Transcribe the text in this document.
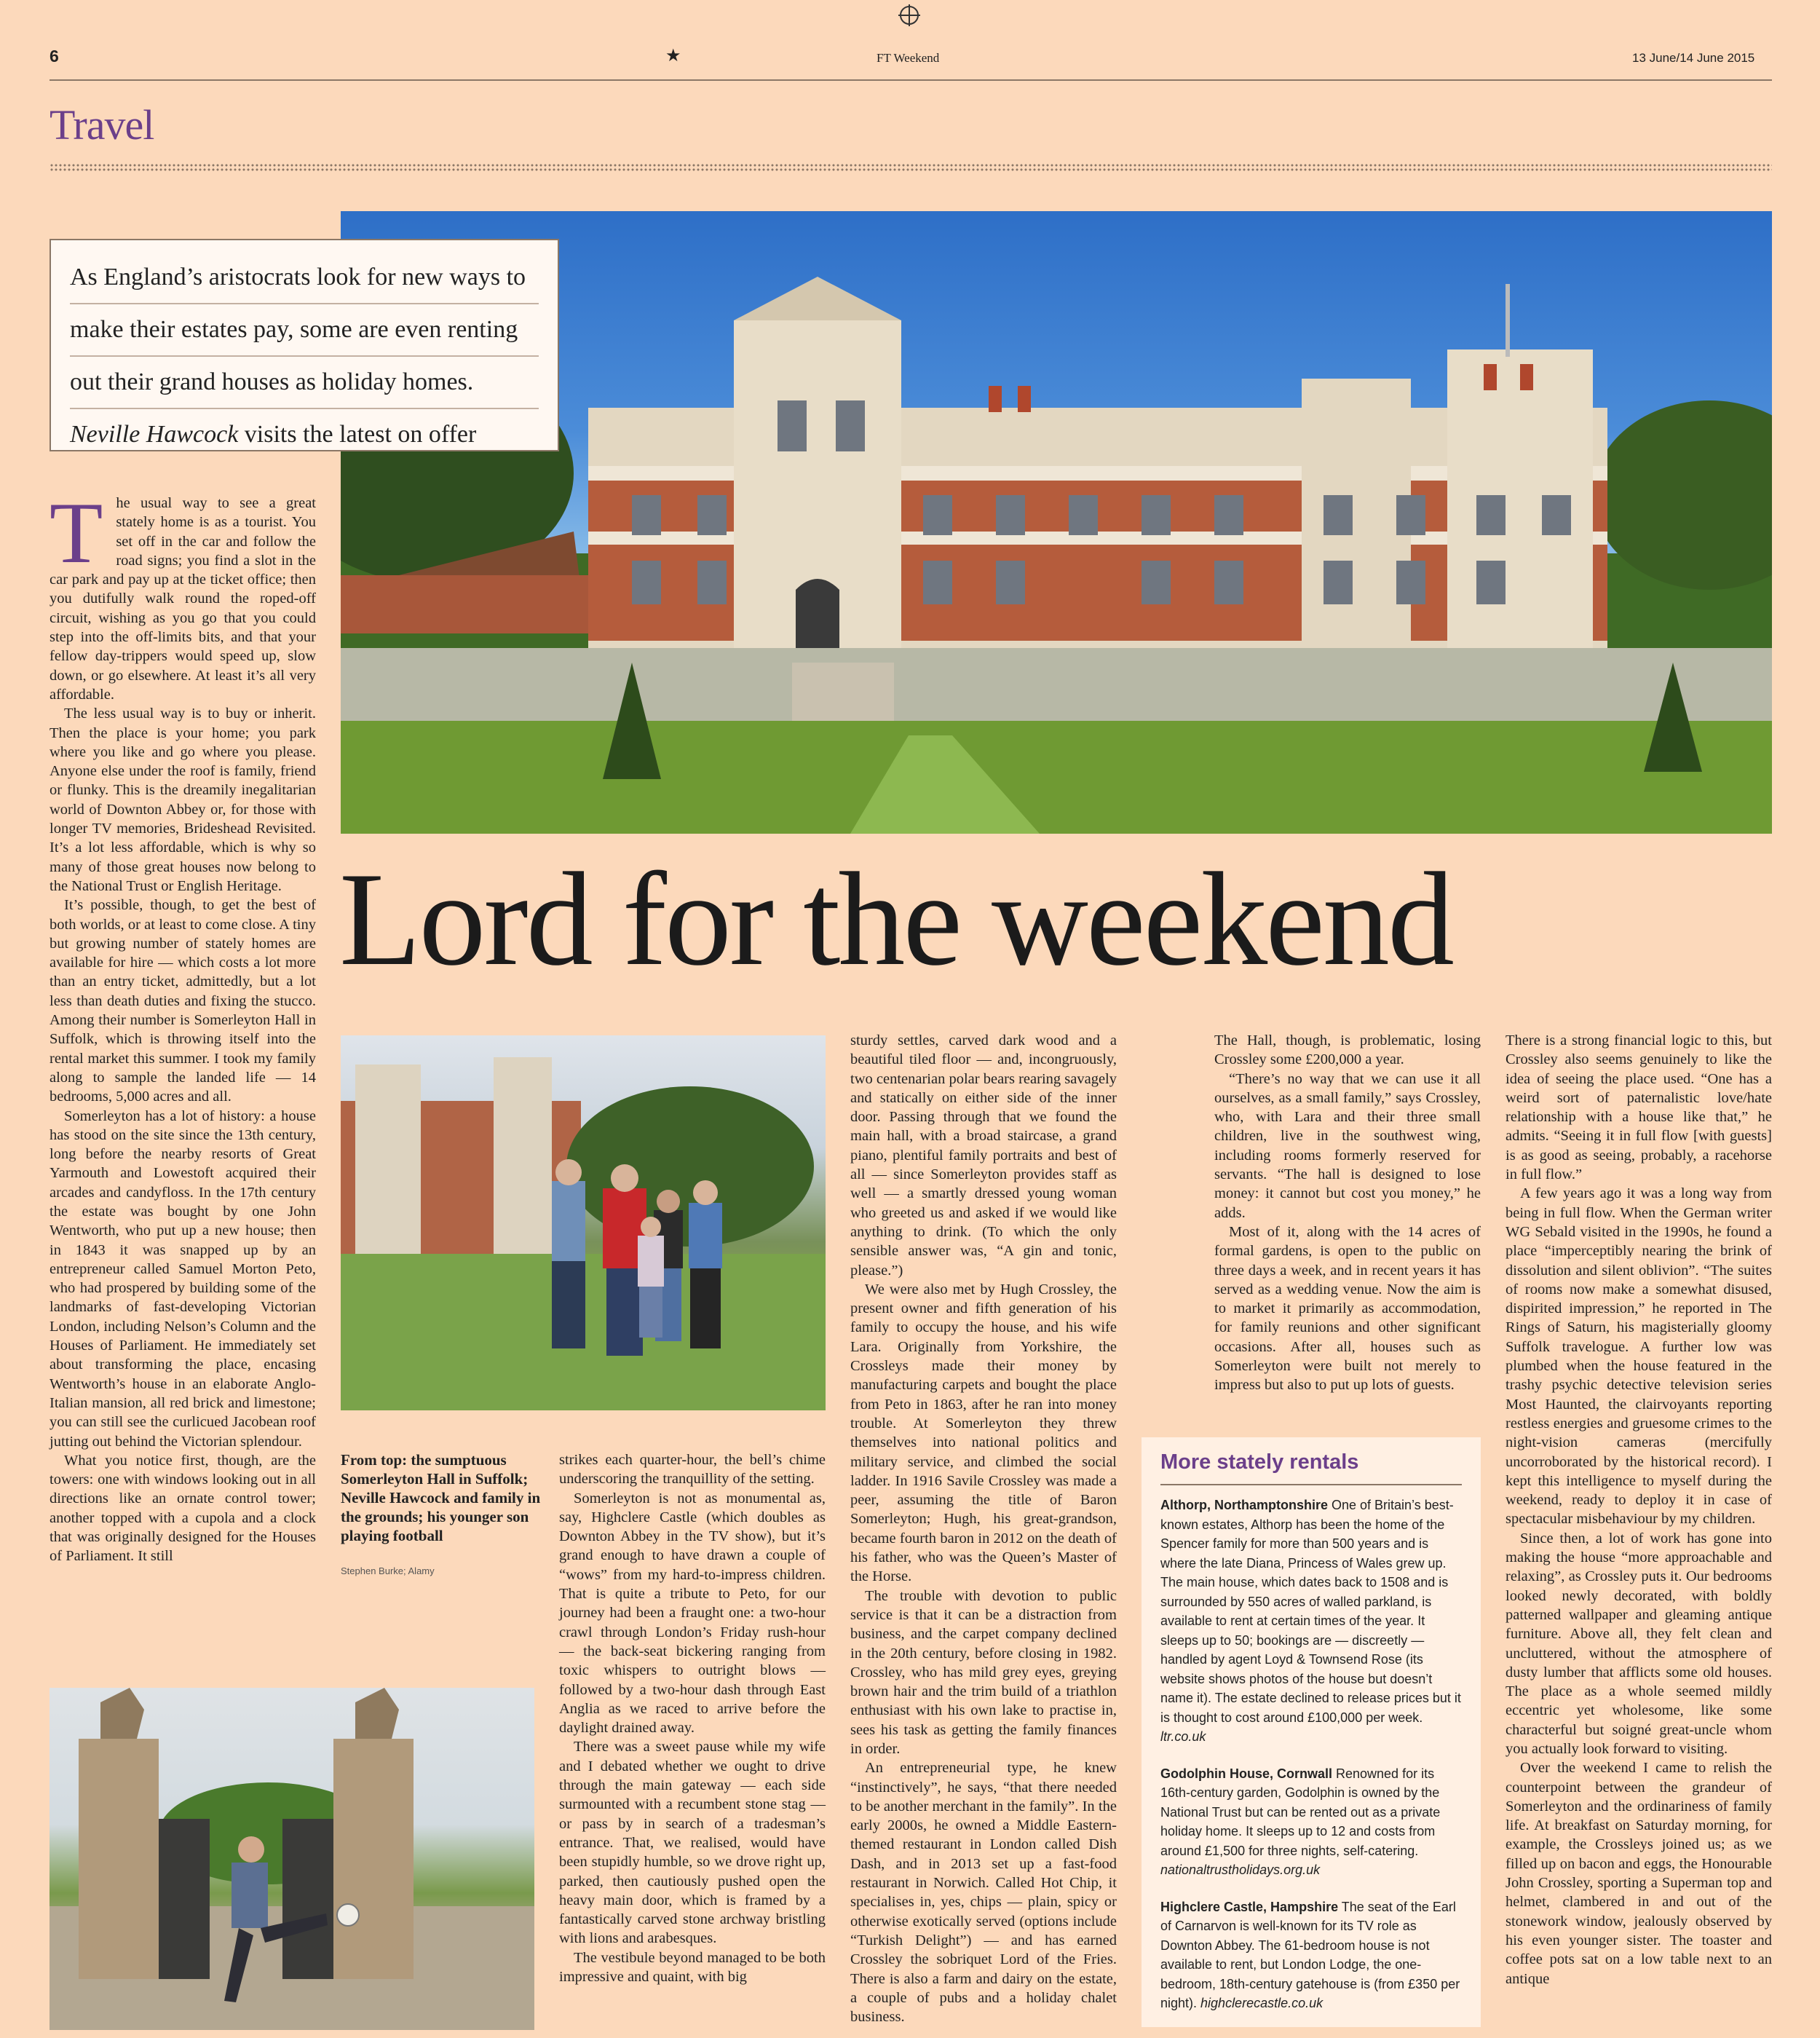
6	★	FT Weekend	13 June/14 June 2015
Travel
As England’s aristocrats look for new ways to
make their estates pay, some are even renting
out their grand houses as holiday homes.
Neville Hawcock visits the latest on offer
Lord for the weekend
T he usual way to see a great stately home is as a tourist. You set off in the car and follow the road signs; you find a slot in the car park and pay up at the ticket office; then you dutifully walk round the roped-off circuit, wishing as you go that you could step into the off-limits bits, and that your fellow day-trippers would speed up, slow down, or go elsewhere. At least it’s all very affordable.

The less usual way is to buy or inherit. Then the place is your home; you park where you like and go where you please. Anyone else under the roof is family, friend or flunky. This is the dreamily inegalitarian world of Downton Abbey or, for those with longer TV memories, Brideshead Revisited. It’s a lot less affordable, which is why so many of those great houses now belong to the National Trust or English Heritage.

It’s possible, though, to get the best of both worlds, or at least to come close. A tiny but growing number of stately homes are available for hire — which costs a lot more than an entry ticket, admittedly, but a lot less than death duties and fixing the stucco. Among their number is Somerleyton Hall in Suffolk, which is throwing itself into the rental market this summer. I took my family along to sample the landed life — 14 bedrooms, 5,000 acres and all.

Somerleyton has a lot of history: a house has stood on the site since the 13th century, long before the nearby resorts of Great Yarmouth and Lowestoft acquired their arcades and candyfloss. In the 17th century the estate was bought by one John Wentworth, who put up a new house; then in 1843 it was snapped up by an entrepreneur called Samuel Morton Peto, who had prospered by building some of the landmarks of fast-developing Victorian London, including Nelson’s Column and the Houses of Parliament. He immediately set about transforming the place, encasing Wentworth’s house in an elaborate Anglo-Italian mansion, all red brick and limestone; you can still see the curlicued Jacobean roof jutting out behind the Victorian splendour.

What you notice first, though, are the towers: one with windows looking out in all directions like an ornate control tower; another topped with a cupola and a clock that was originally designed for the Houses of Parliament. It still

From top: the sumptuous Somerleyton Hall in Suffolk; Neville Hawcock and family in the grounds; his younger son playing football
Stephen Burke; Alamy

strikes each quarter-hour, the bell’s chime underscoring the tranquillity of the setting.

Somerleyton is not as monumental as, say, Highclere Castle (which doubles as Downton Abbey in the TV show), but it’s grand enough to have drawn a couple of “wows” from my hard-to-impress children. That is quite a tribute to Peto, for our journey had been a fraught one: a two-hour crawl through London’s Friday rush-hour — the back-seat bickering ranging from toxic whispers to outright blows — followed by a two-hour dash through East Anglia as we raced to arrive before the daylight drained away.

There was a sweet pause while my wife and I debated whether we ought to drive through the main gateway — each side surmounted with a recumbent stone stag — or pass by in search of a tradesman’s entrance. That, we realised, would have been stupidly humble, so we drove right up, parked, then cautiously pushed open the heavy main door, which is framed by a fantastically carved stone archway bristling with lions and arabesques.

The vestibule beyond managed to be both impressive and quaint, with big

sturdy settles, carved dark wood and a beautiful tiled floor — and, incongruously, two centenarian polar bears rearing savagely and statically on either side of the inner door. Passing through that we found the main hall, with a broad staircase, a grand piano, plentiful family portraits and best of all — since Somerleyton provides staff as well — a smartly dressed young woman who greeted us and asked if we would like anything to drink. (To which the only sensible answer was, “A gin and tonic, please.”)

We were also met by Hugh Crossley, the present owner and fifth generation of his family to occupy the house, and his wife Lara. Originally from Yorkshire, the Crossleys made their money by manufacturing carpets and bought the place from Peto in 1863, after he ran into money trouble. At Somerleyton they threw themselves into national politics and military service, and climbed the social ladder. In 1916 Savile Crossley was made a peer, assuming the title of Baron Somerleyton; Hugh, his great-grandson, became fourth baron in 2012 on the death of his father, who was the Queen’s Master of the Horse.

The trouble with devotion to public service is that it can be a distraction from business, and the carpet company declined in the 20th century, before closing in 1982. Crossley, who has mild grey eyes, greying brown hair and the trim build of a triathlon enthusiast with his own lake to practise in, sees his task as getting the family finances in order.

An entrepreneurial type, he knew “instinctively”, he says, “that there needed to be another merchant in the family”. In the early 2000s, he owned a Middle Eastern-themed restaurant in London called Dish Dash, and in 2013 set up a fast-food restaurant in Norwich. Called Hot Chip, it specialises in, yes, chips — plain, spicy or otherwise exotically served (options include “Turkish Delight”) — and has earned Crossley the sobriquet Lord of the Fries. There is also a farm and dairy on the estate, a couple of pubs and a holiday chalet business.

The Hall, though, is problematic, losing Crossley some £200,000 a year.

“There’s no way that we can use it all ourselves, as a small family,” says Crossley, who, with Lara and their three small children, live in the southwest wing, including rooms formerly reserved for servants. “The hall is designed to lose money: it cannot but cost you money,” he adds.

Most of it, along with the 14 acres of formal gardens, is open to the public on three days a week, and in recent years it has served as a wedding venue. Now the aim is to market it primarily as accommodation, for family reunions and other significant occasions. After all, houses such as Somerleyton were built not merely to impress but also to put up lots of guests.

More stately rentals
Althorp, Northamptonshire One of Britain’s best-known estates, Althorp has been the home of the Spencer family for more than 500 years and is where the late Diana, Princess of Wales grew up. The main house, which dates back to 1508 and is surrounded by 550 acres of walled parkland, is available to rent at certain times of the year. It sleeps up to 50; bookings are — discreetly — handled by agent Loyd & Townsend Rose (its website shows photos of the house but doesn’t name it). The estate declined to release prices but it is thought to cost around £100,000 per week. ltr.co.uk
Godolphin House, Cornwall Renowned for its 16th-century garden, Godolphin is owned by the National Trust but can be rented out as a private holiday home. It sleeps up to 12 and costs from around £1,500 for three nights, self-catering. nationaltrustholidays.org.uk
Highclere Castle, Hampshire The seat of the Earl of Carnarvon is well-known for its TV role as Downton Abbey. The 61-bedroom house is not available to rent, but London Lodge, the one-bedroom, 18th-century gatehouse is (from £350 per night). highclerecastle.co.uk

There is a strong financial logic to this, but Crossley also seems genuinely to like the idea of seeing the place used. “One has a weird sort of paternalistic love/hate relationship with a house like that,” he admits. “Seeing it in full flow [with guests] is as good as seeing, probably, a racehorse in full flow.”

A few years ago it was a long way from being in full flow. When the German writer WG Sebald visited in the 1990s, he found a place “imperceptibly nearing the brink of dissolution and silent oblivion”. “The suites of rooms now make a somewhat disused, dispirited impression,” he reported in The Rings of Saturn, his magisterially gloomy Suffolk travelogue. A further low was plumbed when the house featured in the trashy psychic detective television series Most Haunted, the clairvoyants reporting restless energies and gruesome crimes to the night-vision cameras (mercifully uncorroborated by the historical record). I kept this intelligence to myself during the weekend, ready to deploy it in case of spectacular misbehaviour by my children.

Since then, a lot of work has gone into making the house “more approachable and relaxing”, as Crossley puts it. Our bedrooms looked newly decorated, with boldly patterned wallpaper and gleaming antique furniture. Above all, they felt clean and uncluttered, without the atmosphere of dusty lumber that afflicts some old houses. The place as a whole seemed mildly eccentric yet wholesome, like some characterful but soigné great-uncle whom you actually look forward to visiting.

Over the weekend I came to relish the counterpoint between the grandeur of Somerleyton and the ordinariness of family life. At breakfast on Saturday morning, for example, the Crossleys joined us; as we filled up on bacon and eggs, the Honourable John Crossley, sporting a Superman top and helmet, clambered in and out of the stonework window, jealously observed by his even younger sister. The toaster and coffee pots sat on a low table next to an antique
